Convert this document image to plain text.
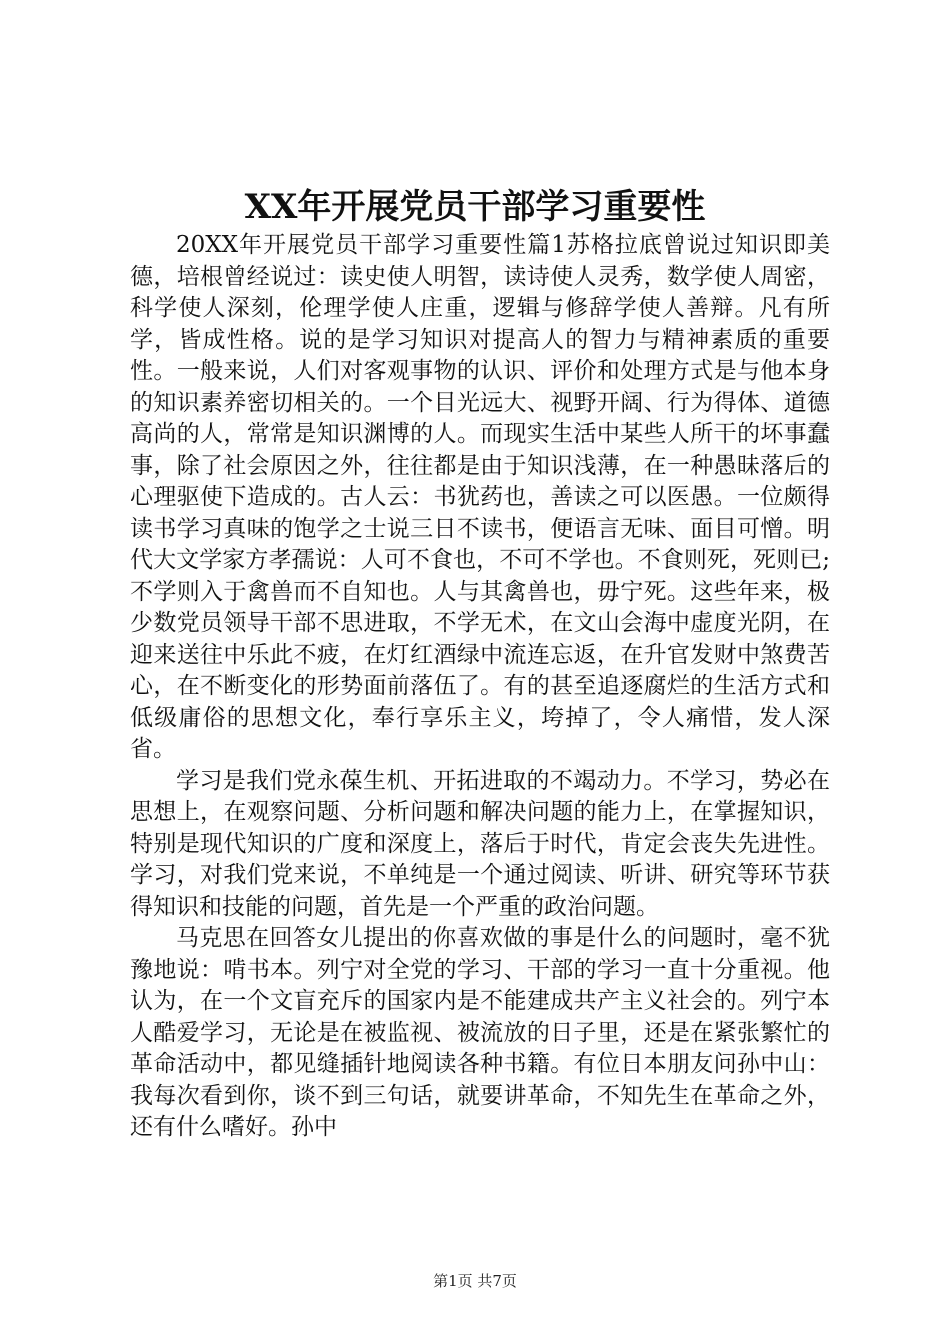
XX年开展党员干部学习重要性

20XX年开展党员干部学习重要性篇1苏格拉底曾说过知识即美德，培根曾经说过：读史使人明智，读诗使人灵秀，数学使人周密，科学使人深刻，伦理学使人庄重，逻辑与修辞学使人善辩。凡有所学，皆成性格。说的是学习知识对提高人的智力与精神素质的重要性。一般来说，人们对客观事物的认识、评价和处理方式是与他本身的知识素养密切相关的。一个目光远大、视野开阔、行为得体、道德高尚的人，常常是知识渊博的人。而现实生活中某些人所干的坏事蠢事，除了社会原因之外，往往都是由于知识浅薄，在一种愚昧落后的心理驱使下造成的。古人云：书犹药也，善读之可以医愚。一位颇得读书学习真味的饱学之士说三日不读书，便语言无味、面目可憎。明代大文学家方孝孺说：人可不食也，不可不学也。不食则死，死则已;不学则入于禽兽而不自知也。人与其禽兽也，毋宁死。这些年来，极少数党员领导干部不思进取，不学无术，在文山会海中虚度光阴，在迎来送往中乐此不疲，在灯红酒绿中流连忘返，在升官发财中煞费苦心，在不断变化的形势面前落伍了。有的甚至追逐腐烂的生活方式和低级庸俗的思想文化，奉行享乐主义，垮掉了，令人痛惜，发人深省。

学习是我们党永葆生机、开拓进取的不竭动力。不学习，势必在思想上，在观察问题、分析问题和解决问题的能力上，在掌握知识，特别是现代知识的广度和深度上，落后于时代，肯定会丧失先进性。学习，对我们党来说，不单纯是一个通过阅读、听讲、研究等环节获得知识和技能的问题，首先是一个严重的政治问题。

马克思在回答女儿提出的你喜欢做的事是什么的问题时，毫不犹豫地说：啃书本。列宁对全党的学习、干部的学习一直十分重视。他认为，在一个文盲充斥的国家内是不能建成共产主义社会的。列宁本人酷爱学习，无论是在被监视、被流放的日子里，还是在紧张繁忙的革命活动中，都见缝插针地阅读各种书籍。有位日本朋友问孙中山：我每次看到你，谈不到三句话，就要讲革命，不知先生在革命之外，还有什么嗜好。孙中

第1页 共7页
